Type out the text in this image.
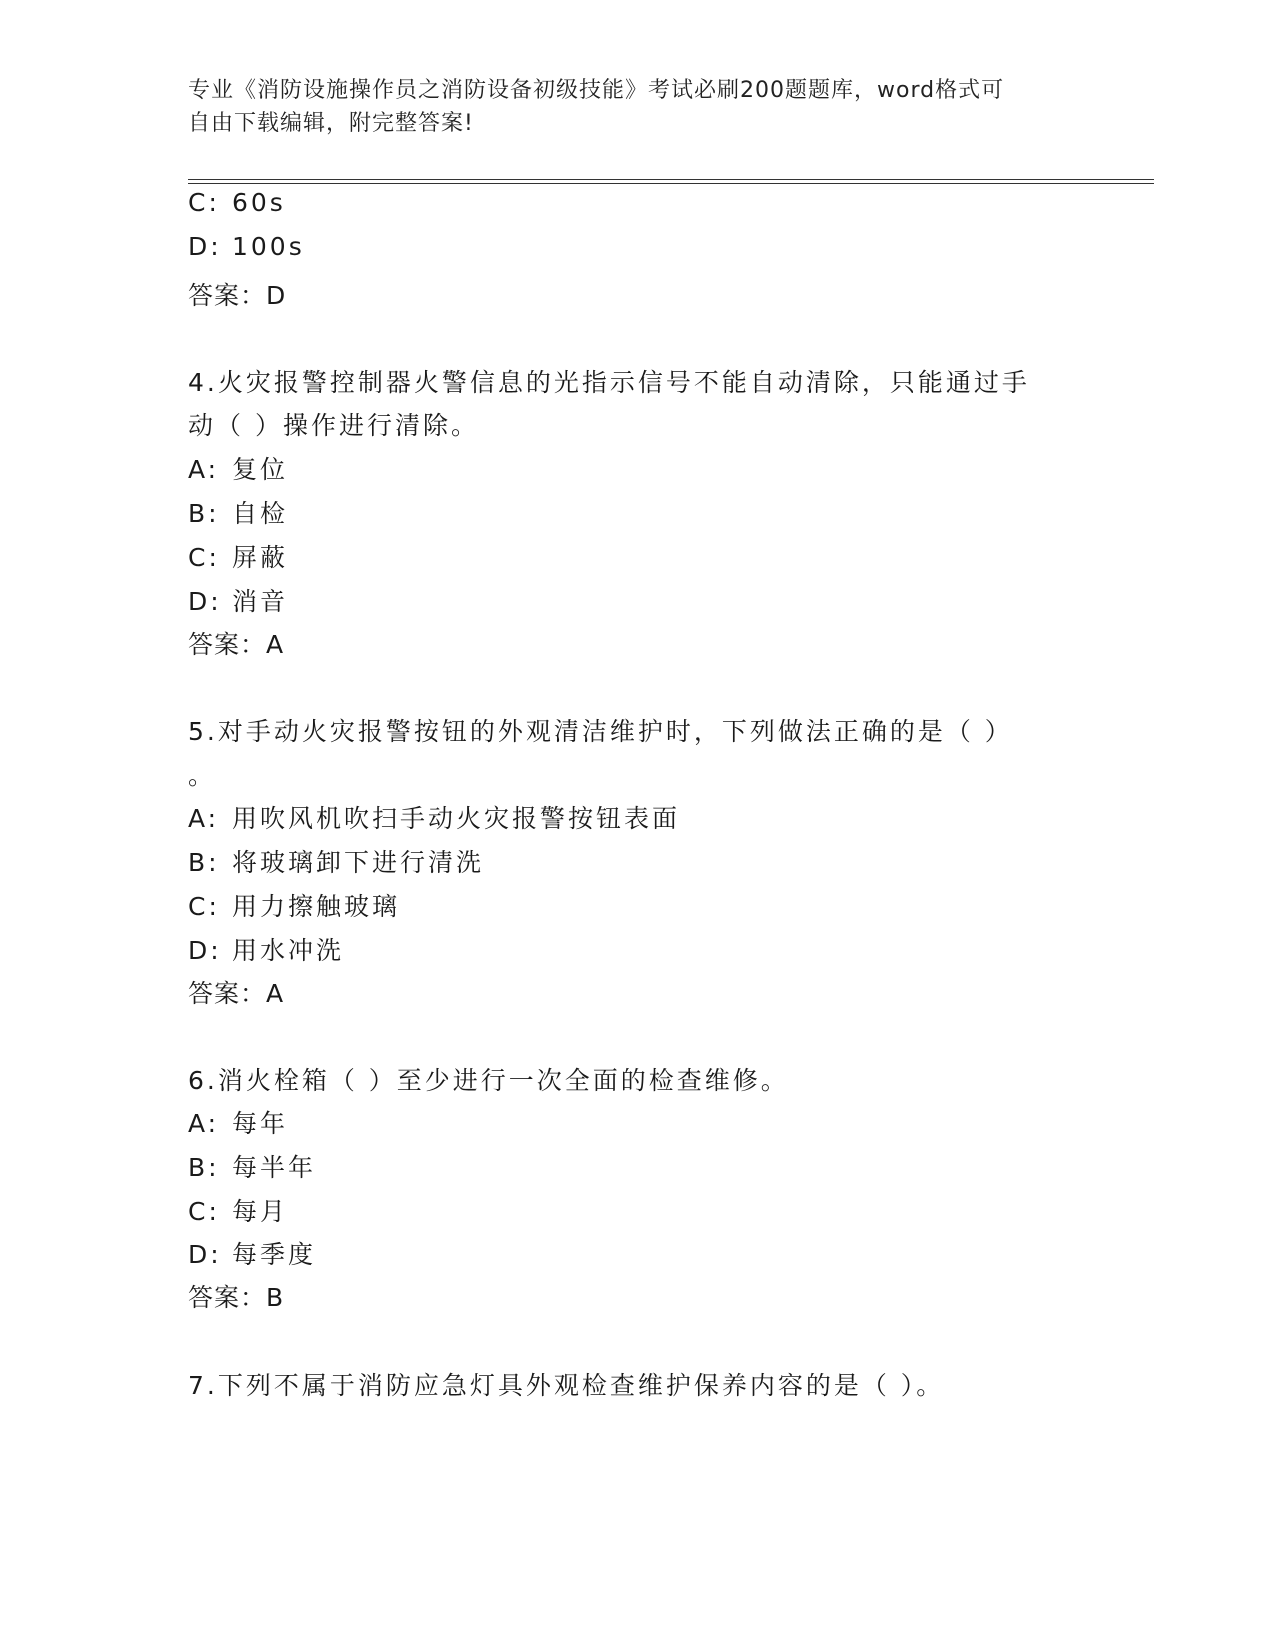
专业《消防设施操作员之消防设备初级技能》考试必刷200题题库，word格式可
自由下载编辑，附完整答案!
C: 60s
D: 100s
答案：D
4.火灾报警控制器火警信息的光指示信号不能自动清除，只能通过手
动（ ）操作进行清除。
A: 复位
B: 自检
C: 屏蔽
D: 消音
答案：A
5.对手动火灾报警按钮的外观清洁维护时，下列做法正确的是（ ）
。
A: 用吹风机吹扫手动火灾报警按钮表面
B: 将玻璃卸下进行清洗
C: 用力擦触玻璃
D: 用水冲洗
答案：A
6.消火栓箱（ ）至少进行一次全面的检查维修。
A: 每年
B: 每半年
C: 每月
D: 每季度
答案：B
7.下列不属于消防应急灯具外观检查维护保养内容的是（ ）。
